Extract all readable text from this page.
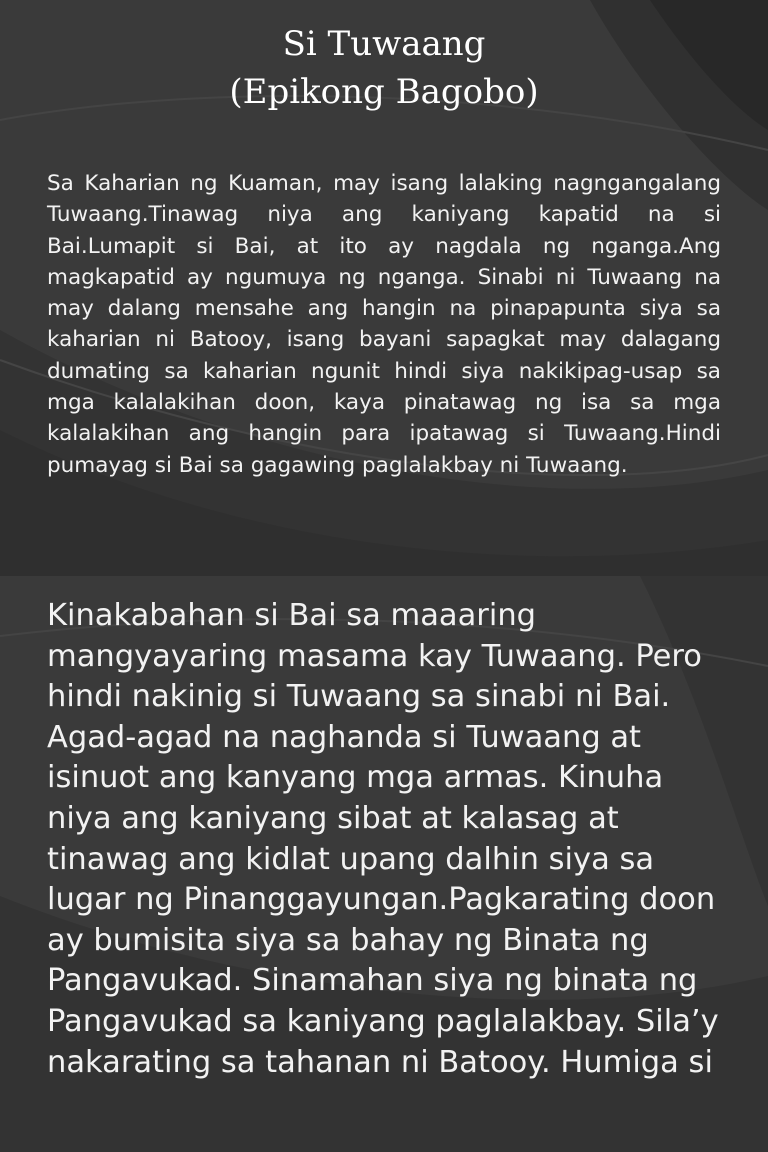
Si Tuwaang
(Epikong Bagobo)

Sa Kaharian ng Kuaman, may isang lalaking nagngangalang Tuwaang.Tinawag niya ang kaniyang kapatid na si Bai.Lumapit si Bai, at ito ay nagdala ng nganga.Ang magkapatid ay ngumuya ng nganga. Sinabi ni Tuwaang na may dalang mensahe ang hangin na pinapapunta siya sa kaharian ni Batooy, isang bayani sapagkat may dalagang dumating sa kaharian ngunit hindi siya nakikipag-usap sa mga kalalakihan doon, kaya pinatawag ng isa sa mga kalalakihan ang hangin para ipatawag si Tuwaang.Hindi pumayag si Bai sa gagawing paglalakbay ni Tuwaang.

Kinakabahan si Bai sa maaaring mangyayaring masama kay Tuwaang. Pero hindi nakinig si Tuwaang sa sinabi ni Bai. Agad-agad na naghanda si Tuwaang at isinuot ang kanyang mga armas. Kinuha niya ang kaniyang sibat at kalasag at tinawag ang kidlat upang dalhin siya sa lugar ng Pinanggayungan.Pagkarating doon ay bumisita siya sa bahay ng Binata ng Pangavukad. Sinamahan siya ng binata ng Pangavukad sa kaniyang paglalakbay. Sila’y nakarating sa tahanan ni Batooy. Humiga si
